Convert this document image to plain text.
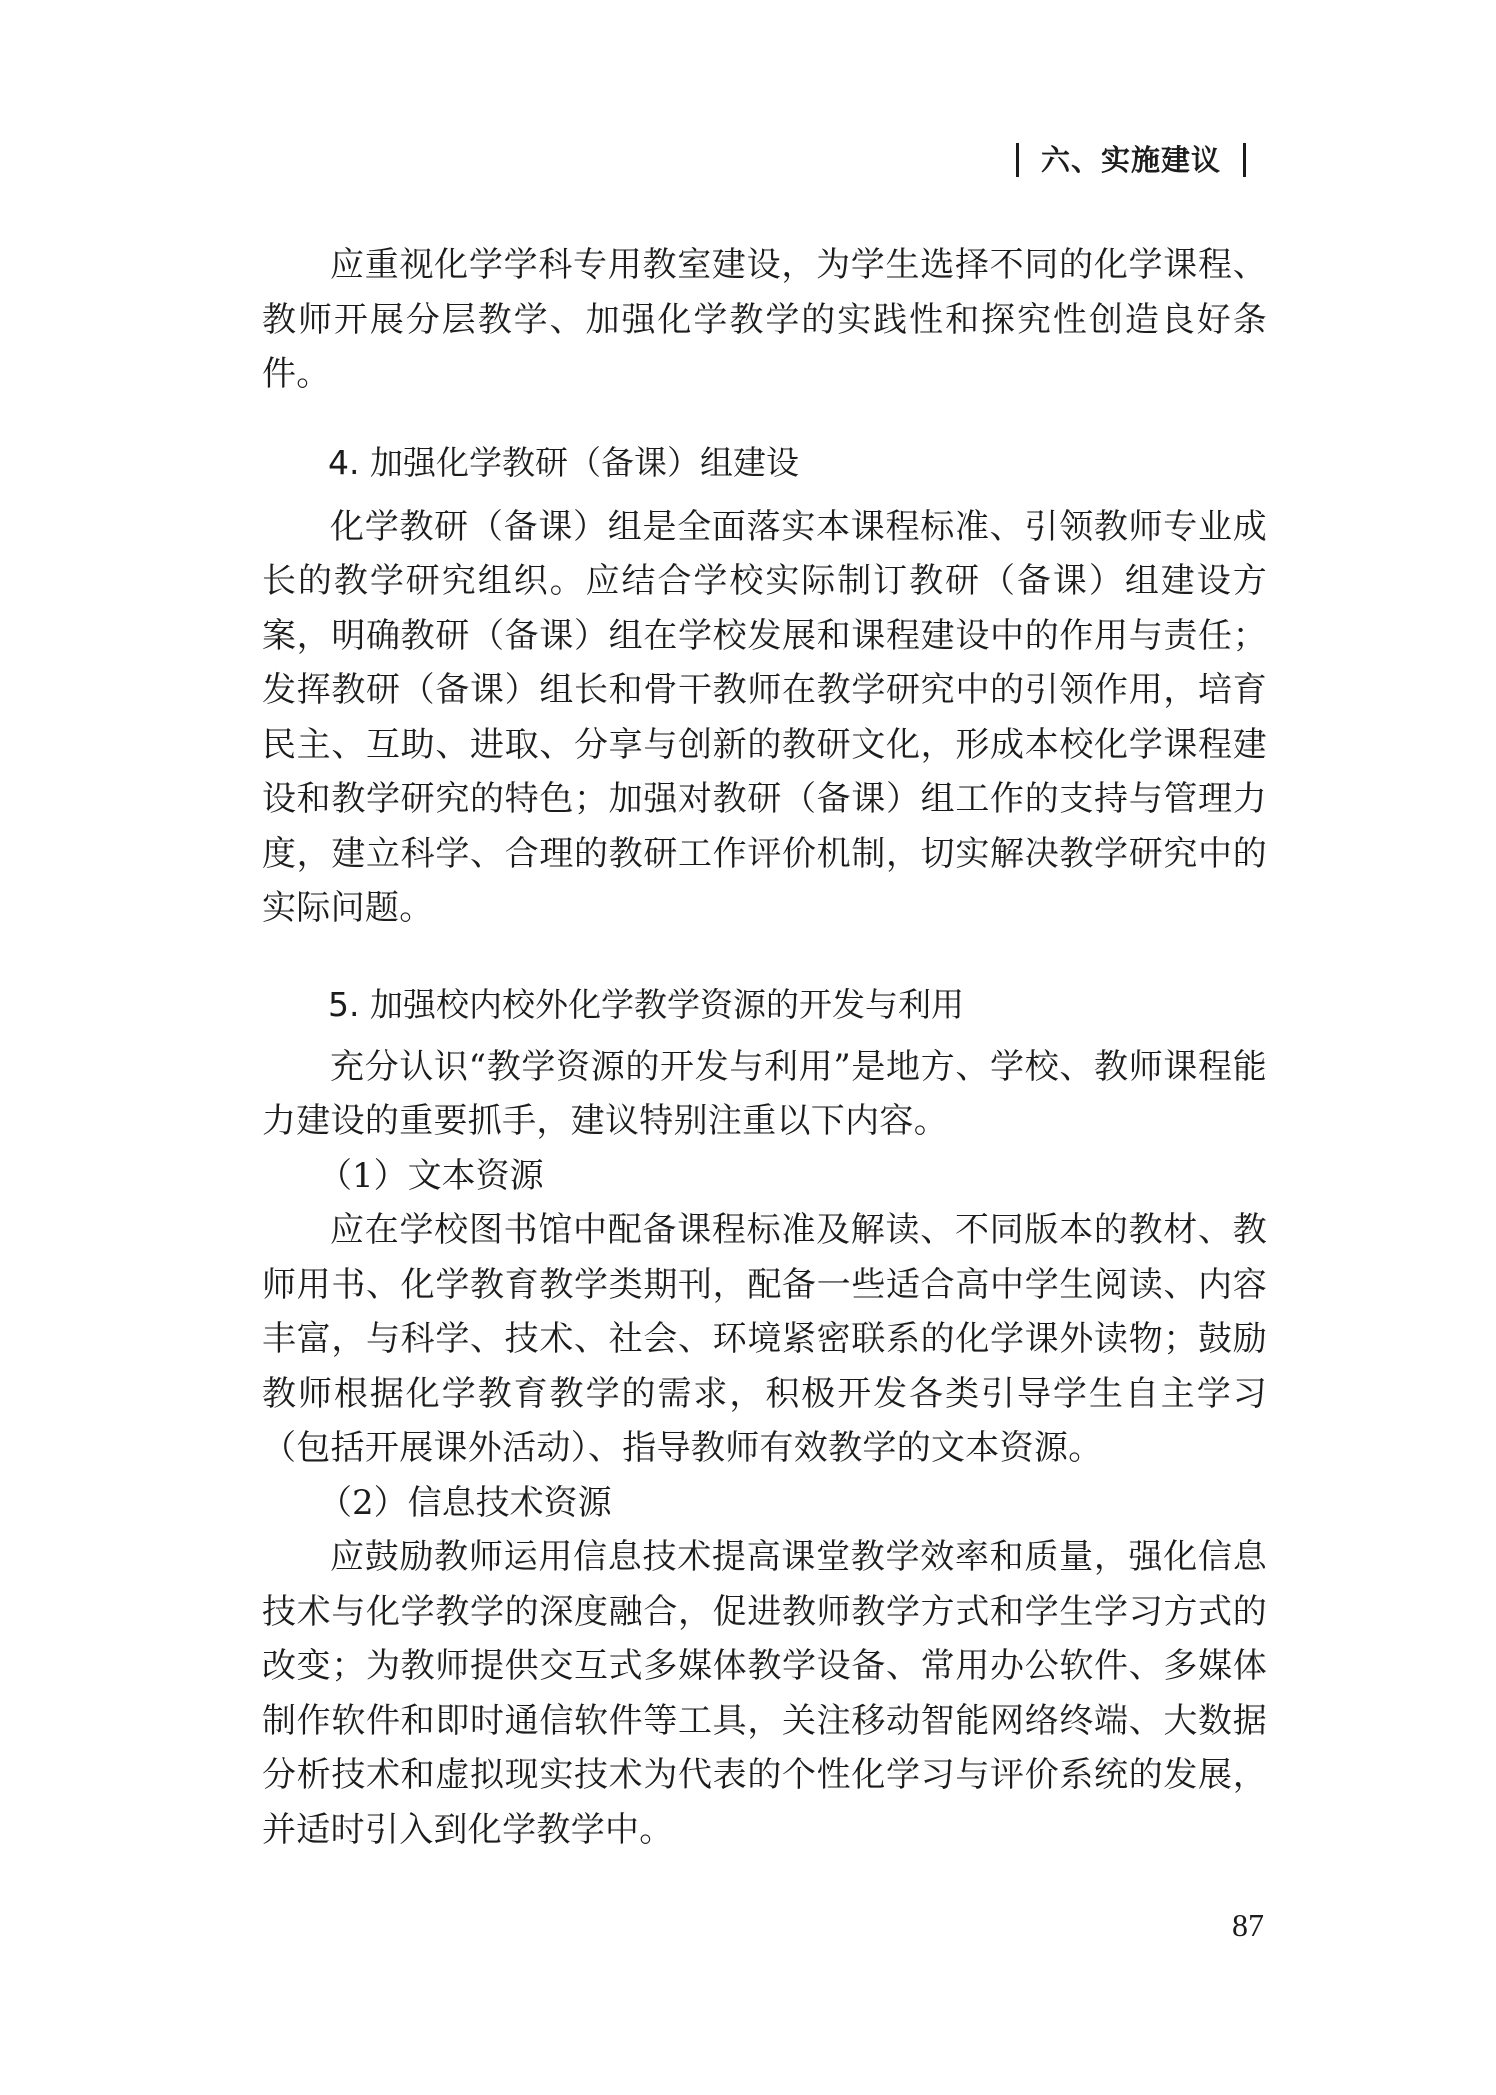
六、实施建议

应重视化学学科专用教室建设，为学生选择不同的化学课程、教师开展分层教学、加强化学教学的实践性和探究性创造良好条件。

4. 加强化学教研（备课）组建设

化学教研（备课）组是全面落实本课程标准、引领教师专业成长的教学研究组织。应结合学校实际制订教研（备课）组建设方案，明确教研（备课）组在学校发展和课程建设中的作用与责任；发挥教研（备课）组长和骨干教师在教学研究中的引领作用，培育民主、互助、进取、分享与创新的教研文化，形成本校化学课程建设和教学研究的特色；加强对教研（备课）组工作的支持与管理力度，建立科学、合理的教研工作评价机制，切实解决教学研究中的实际问题。

5. 加强校内校外化学教学资源的开发与利用

充分认识“教学资源的开发与利用”是地方、学校、教师课程能力建设的重要抓手，建议特别注重以下内容。

（1）文本资源

应在学校图书馆中配备课程标准及解读、不同版本的教材、教师用书、化学教育教学类期刊，配备一些适合高中学生阅读、内容丰富，与科学、技术、社会、环境紧密联系的化学课外读物；鼓励教师根据化学教育教学的需求，积极开发各类引导学生自主学习（包括开展课外活动）、指导教师有效教学的文本资源。

（2）信息技术资源

应鼓励教师运用信息技术提高课堂教学效率和质量，强化信息技术与化学教学的深度融合，促进教师教学方式和学生学习方式的改变；为教师提供交互式多媒体教学设备、常用办公软件、多媒体制作软件和即时通信软件等工具，关注移动智能网络终端、大数据分析技术和虚拟现实技术为代表的个性化学习与评价系统的发展，并适时引入到化学教学中。

87
